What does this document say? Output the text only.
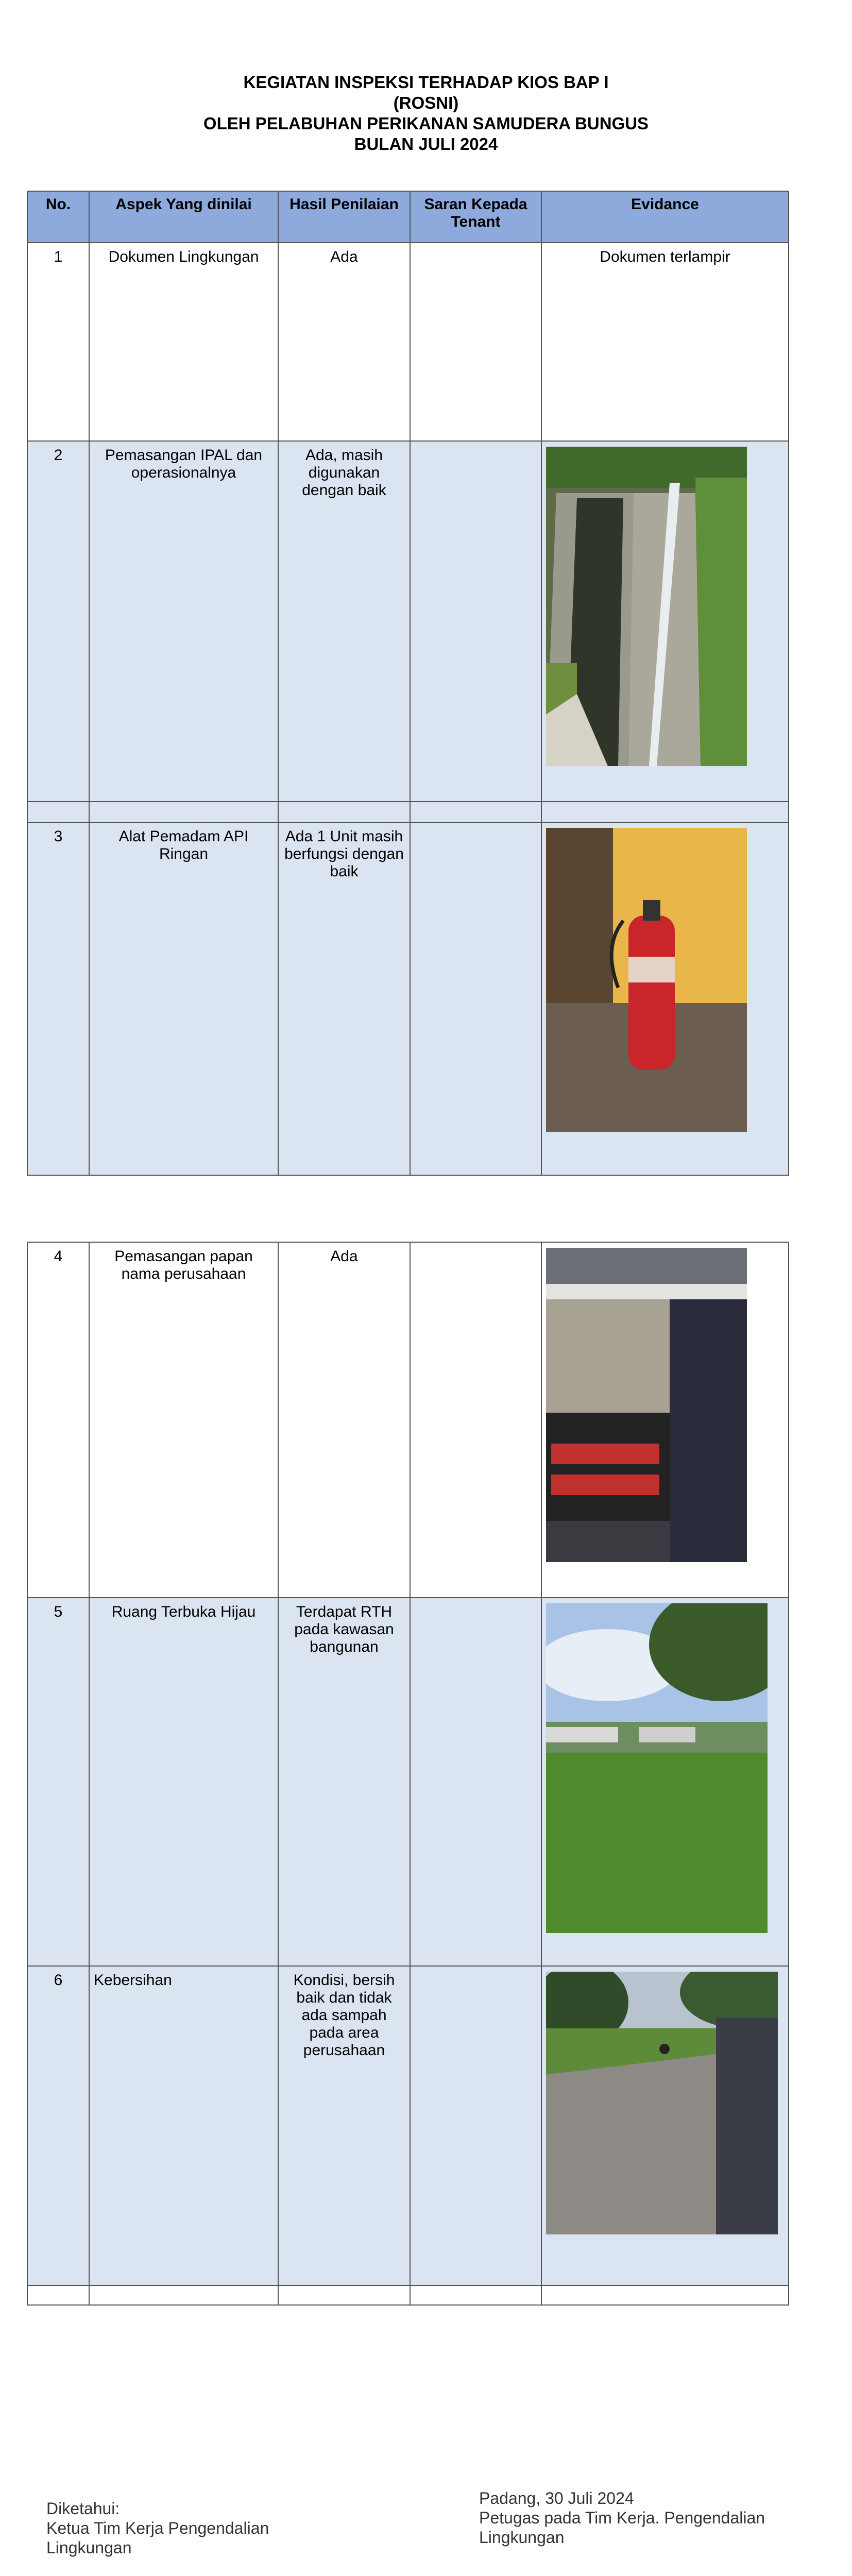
KEGIATAN INSPEKSI TERHADAP KIOS BAP I
(ROSNI)
OLEH PELABUHAN PERIKANAN SAMUDERA BUNGUS
BULAN JULI 2024
No.	Aspek Yang dinilai	Hasil Penilaian	Saran Kepada Tenant	Evidance
1	Dokumen Lingkungan	Ada		Dokumen terlampir
2	Pemasangan IPAL dan operasionalnya	Ada, masih digunakan dengan baik		

3	Alat Pemadam API Ringan	Ada 1 Unit masih berfungsi dengan baik		
4	Pemasangan papan nama perusahaan	Ada		

5	Ruang Terbuka Hijau	Terdapat RTH pada kawasan bangunan		

6	Kebersihan	Kondisi, bersih baik dan tidak ada sampah pada area perusahaan		

Diketahui:
Ketua Tim Kerja Pengendalian Lingkungan
Padang, 30 Juli 2024
Petugas pada Tim Kerja. Pengendalian Lingkungan
